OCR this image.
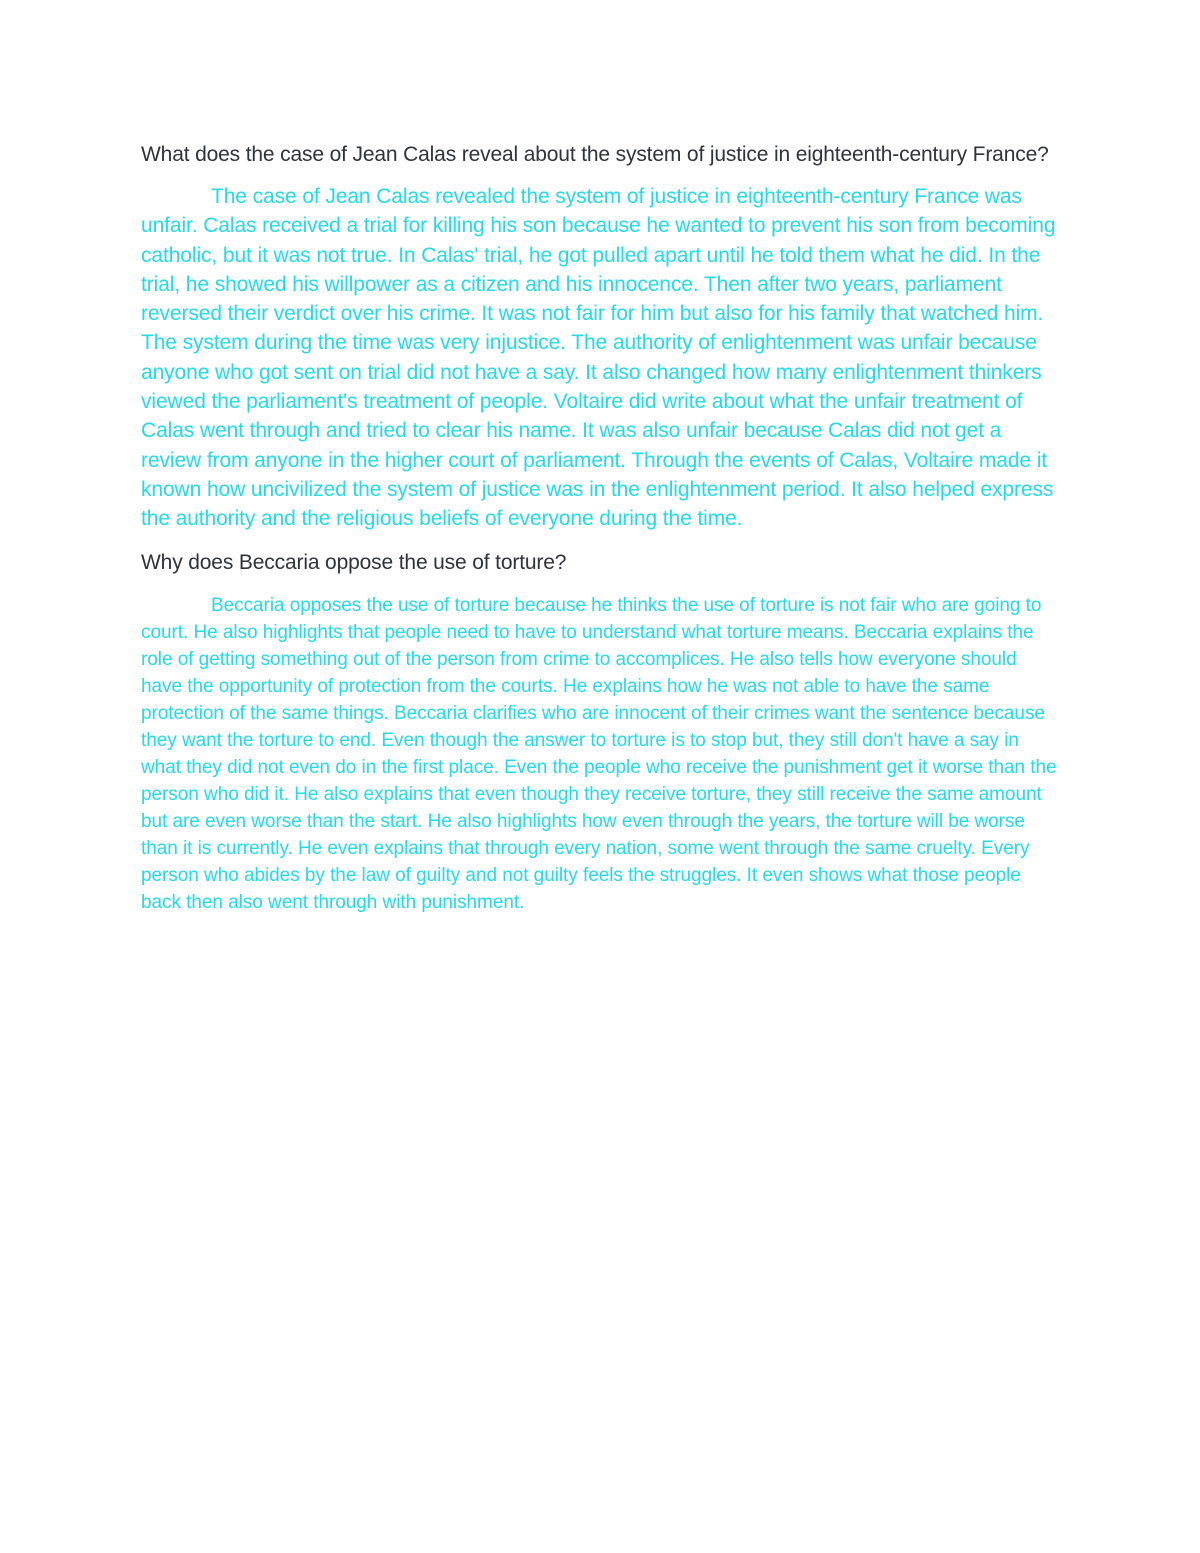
What does the case of Jean Calas reveal about the system of justice in eighteenth-century France?

The case of Jean Calas revealed the system of justice in eighteenth-century France was unfair. Calas received a trial for killing his son because he wanted to prevent his son from becoming catholic, but it was not true. In Calas' trial, he got pulled apart until he told them what he did. In the trial, he showed his willpower as a citizen and his innocence. Then after two years, parliament reversed their verdict over his crime. It was not fair for him but also for his family that watched him. The system during the time was very injustice. The authority of enlightenment was unfair because anyone who got sent on trial did not have a say. It also changed how many enlightenment thinkers viewed the parliament's treatment of people. Voltaire did write about what the unfair treatment of Calas went through and tried to clear his name. It was also unfair because Calas did not get a review from anyone in the higher court of parliament. Through the events of Calas, Voltaire made it known how uncivilized the system of justice was in the enlightenment period. It also helped express the authority and the religious beliefs of everyone during the time.

Why does Beccaria oppose the use of torture?

Beccaria opposes the use of torture because he thinks the use of torture is not fair who are going to court. He also highlights that people need to have to understand what torture means. Beccaria explains the role of getting something out of the person from crime to accomplices. He also tells how everyone should have the opportunity of protection from the courts. He explains how he was not able to have the same protection of the same things. Beccaria clarifies who are innocent of their crimes want the sentence because they want the torture to end. Even though the answer to torture is to stop but, they still don't have a say in what they did not even do in the first place. Even the people who receive the punishment get it worse than the person who did it. He also explains that even though they receive torture, they still receive the same amount but are even worse than the start. He also highlights how even through the years, the torture will be worse than it is currently. He even explains that through every nation, some went through the same cruelty. Every person who abides by the law of guilty and not guilty feels the struggles. It even shows what those people back then also went through with punishment.
